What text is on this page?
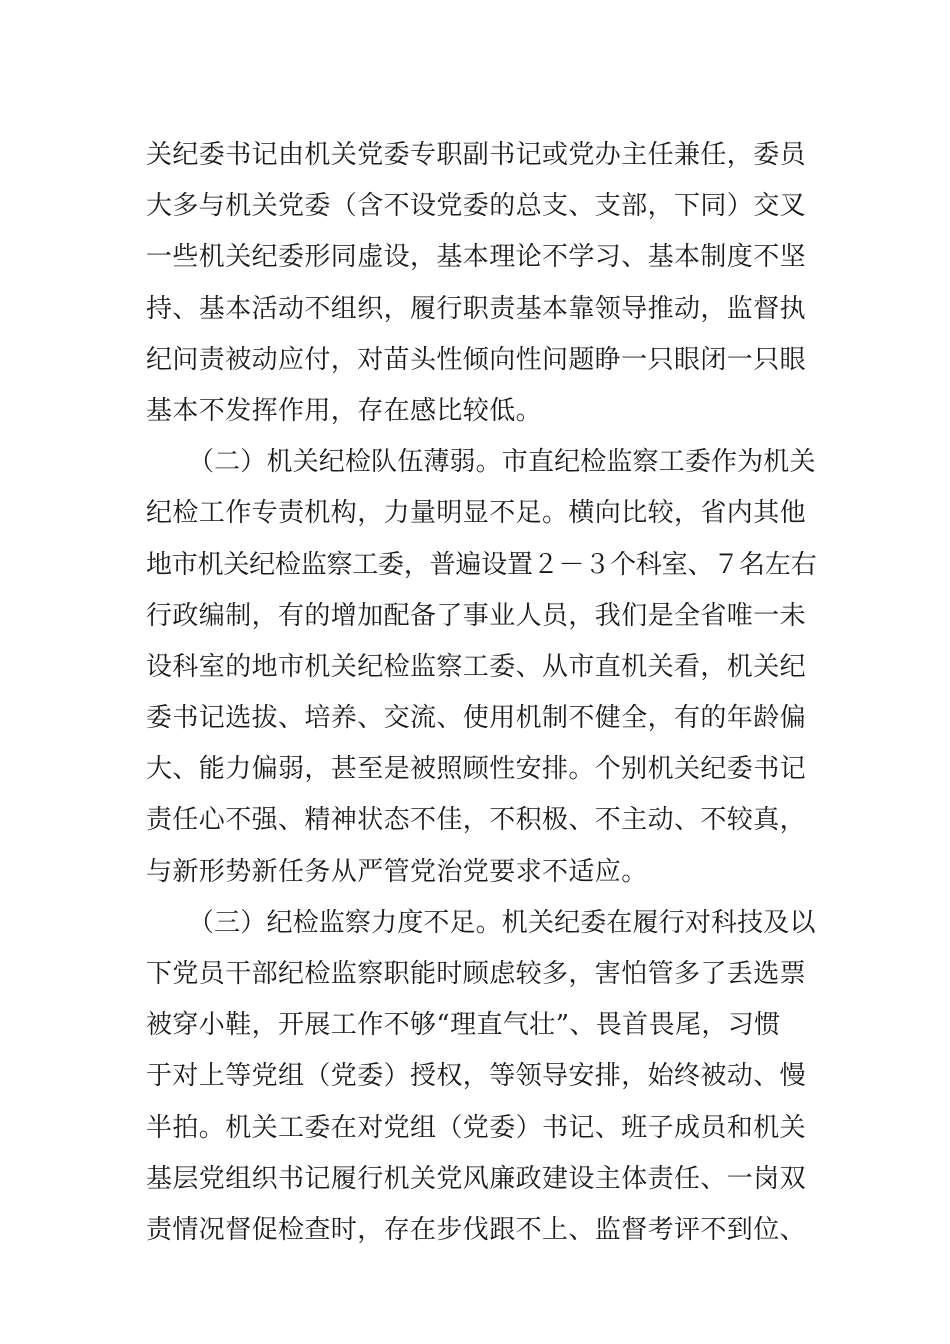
关纪委书记由机关党委专职副书记或党办主任兼任，委员
大多与机关党委（含不设党委的总支、支部，下同）交叉
一些机关纪委形同虚设，基本理论不学习、基本制度不坚
持、基本活动不组织，履行职责基本靠领导推动，监督执
纪问责被动应付，对苗头性倾向性问题睁一只眼闭一只眼
基本不发挥作用，存在感比较低。
（二）机关纪检队伍薄弱。市直纪检监察工委作为机关
纪检工作专责机构，力量明显不足。横向比较，省内其他
地市机关纪检监察工委，普遍设置２－３个科室、７名左右
行政编制，有的增加配备了事业人员，我们是全省唯一未
设科室的地市机关纪检监察工委、从市直机关看，机关纪
委书记选拔、培养、交流、使用机制不健全，有的年龄偏
大、能力偏弱，甚至是被照顾性安排。个别机关纪委书记
责任心不强、精神状态不佳，不积极、不主动、不较真，
与新形势新任务从严管党治党要求不适应。
（三）纪检监察力度不足。机关纪委在履行对科技及以
下党员干部纪检监察职能时顾虑较多，害怕管多了丢选票
被穿小鞋，开展工作不够“理直气壮”、畏首畏尾，习惯
于对上等党组（党委）授权，等领导安排，始终被动、慢
半拍。机关工委在对党组（党委）书记、班子成员和机关
基层党组织书记履行机关党风廉政建设主体责任、一岗双
责情况督促检查时，存在步伐跟不上、监督考评不到位、
